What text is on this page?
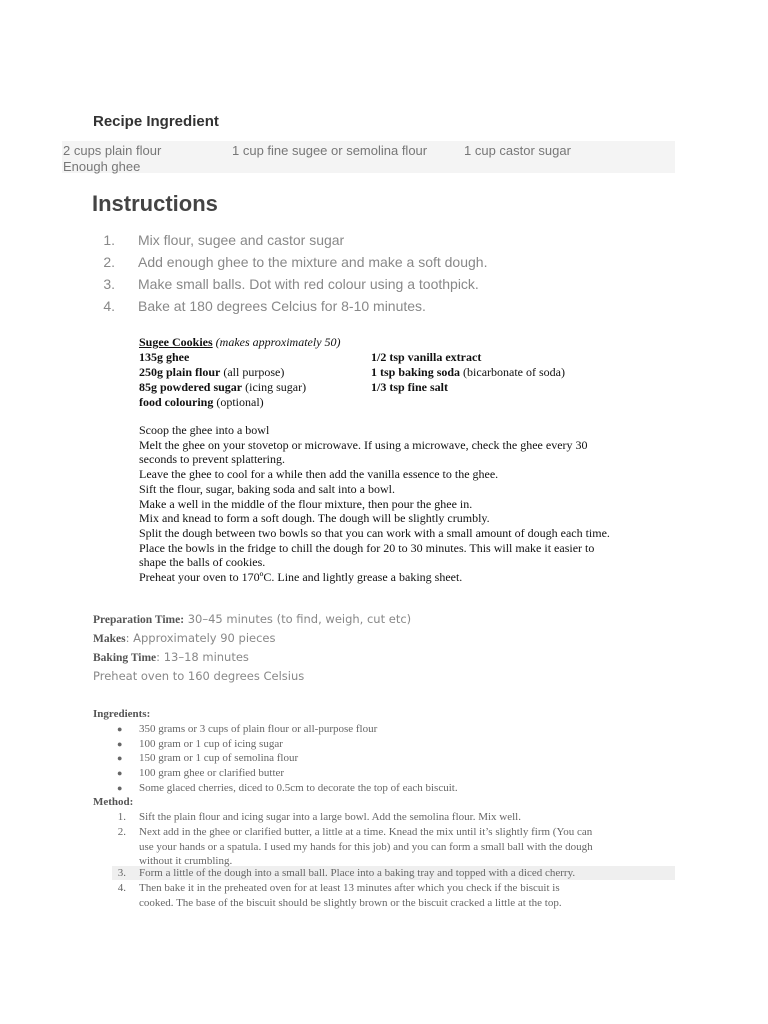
Recipe Ingredient
2 cups plain flour	1 cup fine sugee or semolina flour	1 cup castor sugar
Enough ghee
Instructions
1. Mix flour, sugee and castor sugar
2. Add enough ghee to the mixture and make a soft dough.
3. Make small balls. Dot with red colour using a toothpick.
4. Bake at 180 degrees Celcius for 8-10 minutes.
Sugee Cookies (makes approximately 50)
135g ghee
250g plain flour (all purpose)
85g powdered sugar (icing sugar)
food colouring (optional)
1/2 tsp vanilla extract
1 tsp baking soda (bicarbonate of soda)
1/3 tsp fine salt
Scoop the ghee into a bowl
Melt the ghee on your stovetop or microwave. If using a microwave, check the ghee every 30
seconds to prevent splattering.
Leave the ghee to cool for a while then add the vanilla essence to the ghee.
Sift the flour, sugar, baking soda and salt into a bowl.
Make a well in the middle of the flour mixture, then pour the ghee in.
Mix and knead to form a soft dough. The dough will be slightly crumbly.
Split the dough between two bowls so that you can work with a small amount of dough each time.
Place the bowls in the fridge to chill the dough for 20 to 30 minutes. This will make it easier to
shape the balls of cookies.
Preheat your oven to 170ºC. Line and lightly grease a baking sheet.
Preparation Time: 30–45 minutes (to find, weigh, cut etc)
Makes: Approximately 90 pieces
Baking Time: 13–18 minutes
Preheat oven to 160 degrees Celsius
Ingredients:
● 350 grams or 3 cups of plain flour or all-purpose flour
● 100 gram or 1 cup of icing sugar
● 150 gram or 1 cup of semolina flour
● 100 gram ghee or clarified butter
● Some glaced cherries, diced to 0.5cm to decorate the top of each biscuit.
Method:
1. Sift the plain flour and icing sugar into a large bowl. Add the semolina flour. Mix well.
2. Next add in the ghee or clarified butter, a little at a time. Knead the mix until it’s slightly firm (You can
use your hands or a spatula. I used my hands for this job) and you can form a small ball with the dough
without it crumbling.
3. Form a little of the dough into a small ball. Place into a baking tray and topped with a diced cherry.
4. Then bake it in the preheated oven for at least 13 minutes after which you check if the biscuit is
cooked. The base of the biscuit should be slightly brown or the biscuit cracked a little at the top.
